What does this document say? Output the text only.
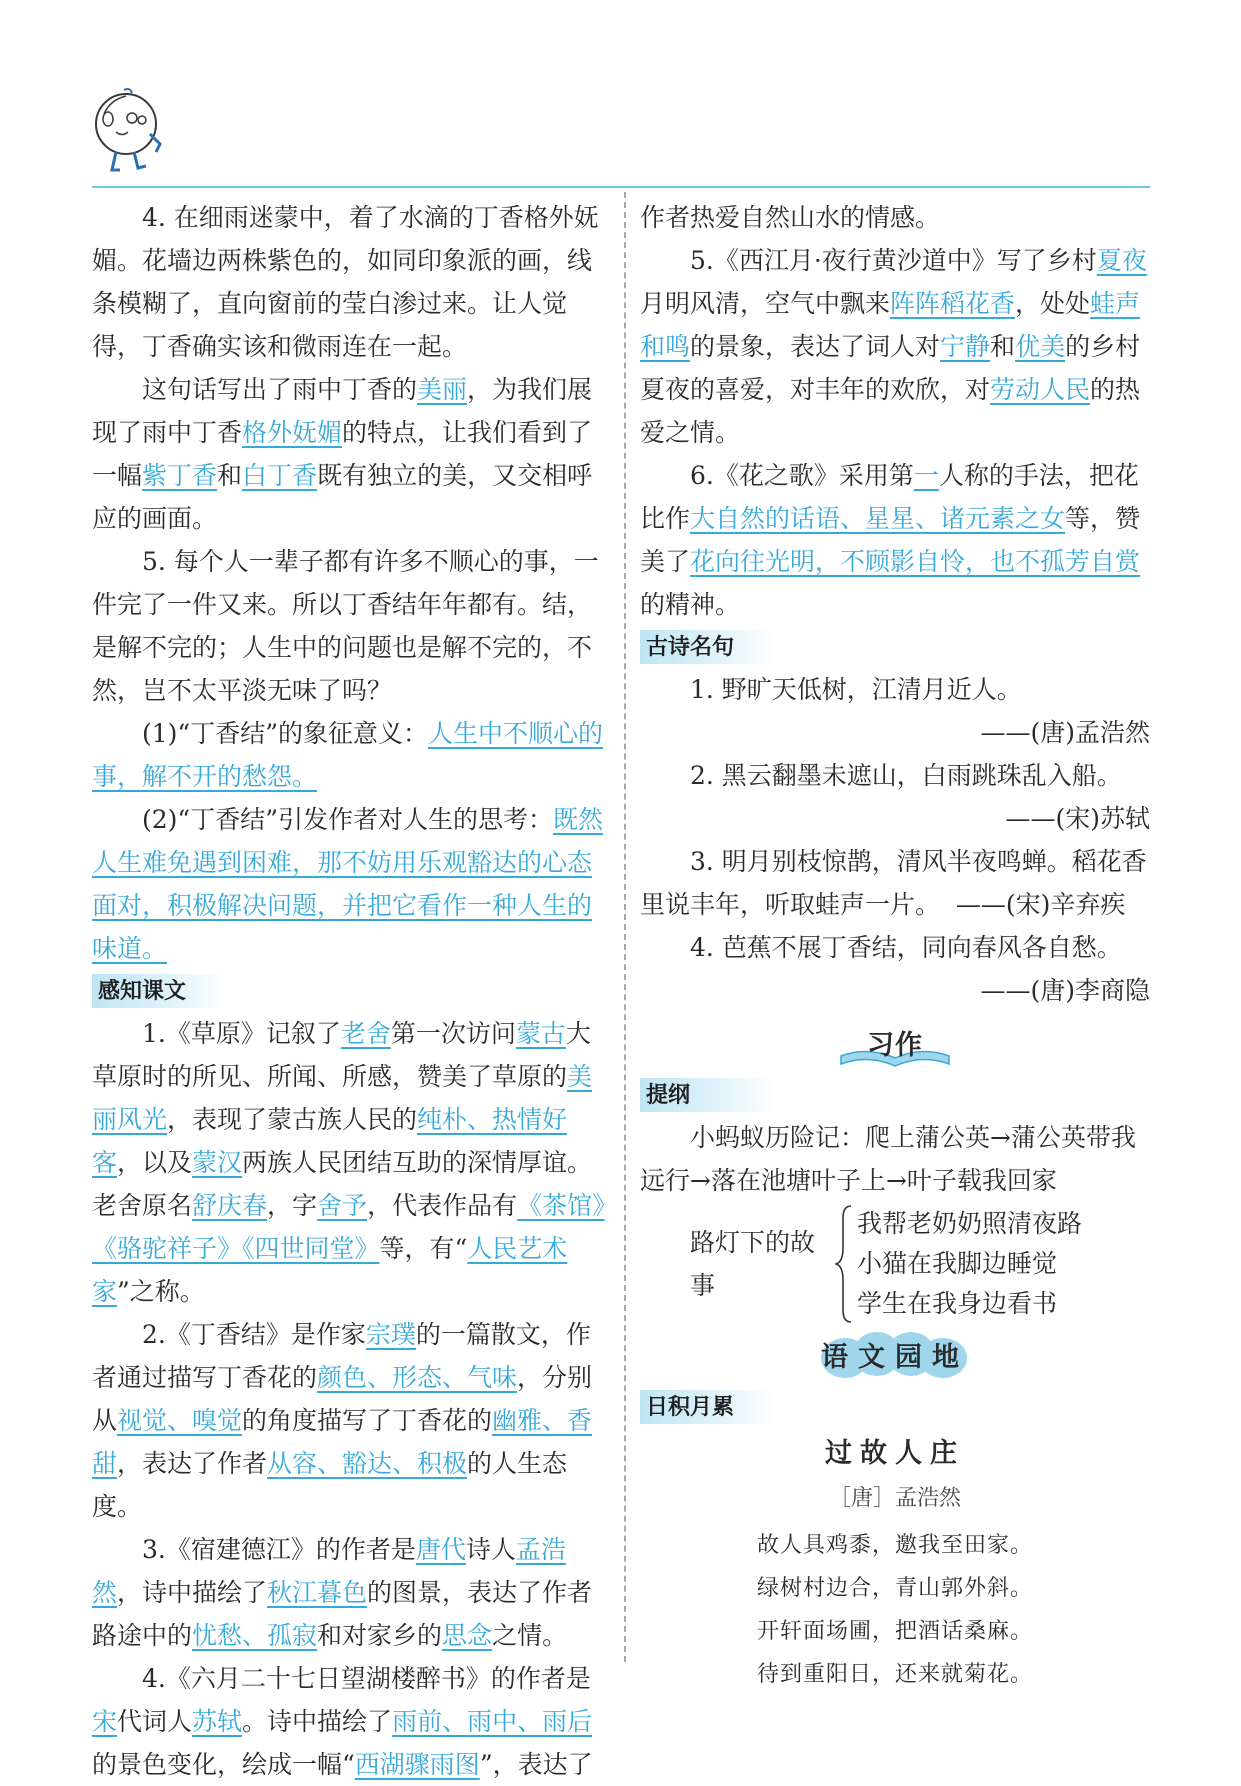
4. 在细雨迷蒙中，着了水滴的丁香格外妩媚。花墙边两株紫色的，如同印象派的画，线条模糊了，直向窗前的莹白渗过来。让人觉得，丁香确实该和微雨连在一起。

这句话写出了雨中丁香的美丽，为我们展现了雨中丁香格外妩媚的特点，让我们看到了一幅紫丁香和白丁香既有独立的美，又交相呼应的画面。

5. 每个人一辈子都有许多不顺心的事，一件完了一件又来。所以丁香结年年都有。结，是解不完的；人生中的问题也是解不完的，不然，岂不太平淡无味了吗？

(1)“丁香结”的象征意义：人生中不顺心的事，解不开的愁怨。

(2)“丁香结”引发作者对人生的思考：既然人生难免遇到困难，那不妨用乐观豁达的心态面对，积极解决问题，并把它看作一种人生的味道。

感知课文

1.《草原》记叙了老舍第一次访问蒙古大草原时的所见、所闻、所感，赞美了草原的美丽风光，表现了蒙古族人民的纯朴、热情好客，以及蒙汉两族人民团结互助的深情厚谊。老舍原名舒庆春，字舍予，代表作品有《茶馆》《骆驼祥子》《四世同堂》等，有“人民艺术家”之称。

2.《丁香结》是作家宗璞的一篇散文，作者通过描写丁香花的颜色、形态、气味，分别从视觉、嗅觉的角度描写了丁香花的幽雅、香甜，表达了作者从容、豁达、积极的人生态度。

3.《宿建德江》的作者是唐代诗人孟浩然，诗中描绘了秋江暮色的图景，表达了作者路途中的忧愁、孤寂和对家乡的思念之情。

4.《六月二十七日望湖楼醉书》的作者是宋代词人苏轼。诗中描绘了雨前、雨中、雨后的景色变化，绘成一幅“西湖骤雨图”，表达了

作者热爱自然山水的情感。

5.《西江月·夜行黄沙道中》写了乡村夏夜月明风清，空气中飘来阵阵稻花香，处处蛙声和鸣的景象，表达了词人对宁静和优美的乡村夏夜的喜爱，对丰年的欢欣，对劳动人民的热爱之情。

6.《花之歌》采用第一人称的手法，把花比作大自然的话语、星星、诸元素之女等，赞美了花向往光明，不顾影自怜，也不孤芳自赏的精神。

古诗名句

1. 野旷天低树，江清月近人。

——(唐)孟浩然

2. 黑云翻墨未遮山，白雨跳珠乱入船。

——(宋)苏轼

3. 明月别枝惊鹊，清风半夜鸣蝉。稻花香里说丰年，听取蛙声一片。 ——(宋)辛弃疾

4. 芭蕉不展丁香结，同向春风各自愁。

——(唐)李商隐

习作
提纲

小蚂蚁历险记：爬上蒲公英→蒲公英带我远行→落在池塘叶子上→叶子载我回家

路灯下的故事
我帮老奶奶照清夜路
小猫在我脚边睡觉
学生在我身边看书
语文园地
日积月累
过故人庄
［唐］孟浩然
故人具鸡黍，邀我至田家。
绿树村边合，青山郭外斜。
开轩面场圃，把酒话桑麻。
待到重阳日，还来就菊花。
